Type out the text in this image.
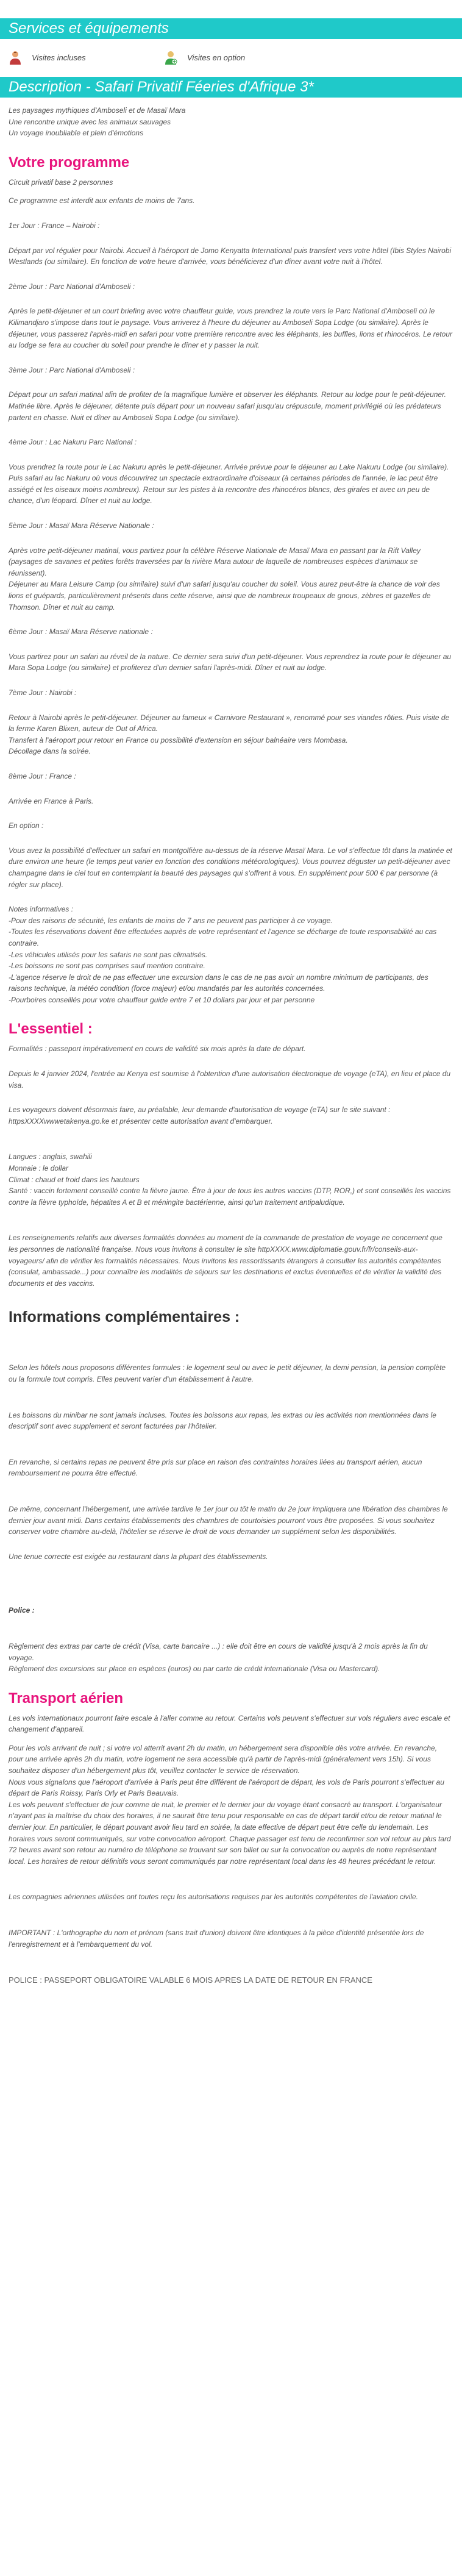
Services et équipements
Visites incluses	Visites en option
Description - Safari Privatif Féeries d'Afrique 3*

Les paysages mythiques d'Amboseli et de Masaï Mara

Une rencontre unique avec les animaux sauvages

Un voyage inoubliable et plein d'émotions

Votre programme

Circuit privatif base 2 personnes

Ce programme est interdit aux enfants de moins de 7ans.

1er Jour : France – Nairobi :

Départ par vol régulier pour Nairobi. Accueil à l'aéroport de Jomo Kenyatta International puis transfert vers votre hôtel (Ibis Styles Nairobi Westlands (ou similaire). En fonction de votre heure d'arrivée, vous bénéficierez d'un dîner avant votre nuit à l'hôtel.

2ème Jour : Parc National d'Amboseli :

Après le petit-déjeuner et un court briefing avec votre chauffeur guide, vous prendrez la route vers le Parc National d'Amboseli où le Kilimandjaro s'impose dans tout le paysage. Vous arriverez à l'heure du déjeuner au Amboseli Sopa Lodge (ou similaire). Après le déjeuner, vous passerez l'après-midi en safari pour votre première rencontre avec les éléphants, les buffles, lions et rhinocéros. Le retour au lodge se fera au coucher du soleil pour prendre le dîner et y passer la nuit.

3ème Jour : Parc National d'Amboseli :

Départ pour un safari matinal afin de profiter de la magnifique lumière et observer les éléphants. Retour au lodge pour le petit-déjeuner. Matinée libre. Après le déjeuner, détente puis départ pour un nouveau safari jusqu'au crépuscule, moment privilégié où les prédateurs partent en chasse. Nuit et dîner au Amboseli Sopa Lodge (ou similaire).

4ème Jour : Lac Nakuru Parc National :

Vous prendrez la route pour le Lac Nakuru après le petit-déjeuner. Arrivée prévue pour le déjeuner au Lake Nakuru Lodge (ou similaire). Puis safari au lac Nakuru où vous découvrirez un spectacle extraordinaire d'oiseaux (à certaines périodes de l'année, le lac peut être assiégé et les oiseaux moins nombreux). Retour sur les pistes à la rencontre des rhinocéros blancs, des girafes et avec un peu de chance, d'un léopard. Dîner et nuit au lodge.

5ème Jour : Masaï Mara Réserve Nationale :

Après votre petit-déjeuner matinal, vous partirez pour la célèbre Réserve Nationale de Masaï Mara en passant par la Rift Valley (paysages de savanes et petites forêts traversées par la rivière Mara autour de laquelle de nombreuses espèces d'animaux se réunissent).
Déjeuner au Mara Leisure Camp (ou similaire) suivi d'un safari jusqu'au coucher du soleil. Vous aurez peut-être la chance de voir des lions et guépards, particulièrement présents dans cette réserve, ainsi que de nombreux troupeaux de gnous, zèbres et gazelles de Thomson. Dîner et nuit au camp.

6ème Jour : Masaï Mara Réserve nationale :

Vous partirez pour un safari au réveil de la nature. Ce dernier sera suivi d'un petit-déjeuner. Vous reprendrez la route pour le déjeuner au Mara Sopa Lodge (ou similaire) et profiterez d'un dernier safari l'après-midi. Dîner et nuit au lodge.

7ème Jour : Nairobi :

Retour à Nairobi après le petit-déjeuner. Déjeuner au fameux « Carnivore Restaurant », renommé pour ses viandes rôties. Puis visite de la ferme Karen Blixen, auteur de Out of Africa.
Transfert à l'aéroport pour retour en France ou possibilité d'extension en séjour balnéaire vers Mombasa.
Décollage dans la soirée.

8ème Jour : France :

Arrivée en France à Paris.

En option :

Vous avez la possibilité d'effectuer un safari en montgolfière au-dessus de la réserve Masaï Mara. Le vol s'effectue tôt dans la matinée et dure environ une heure (le temps peut varier en fonction des conditions météorologiques). Vous pourrez déguster un petit-déjeuner avec champagne dans le ciel tout en contemplant la beauté des paysages qui s'offrent à vous. En supplément pour 500 € par personne (à régler sur place).

Notes informatives :

-Pour des raisons de sécurité, les enfants de moins de 7 ans ne peuvent pas participer à ce voyage.

-Toutes les réservations doivent être effectuées auprès de votre représentant et l'agence se décharge de toute responsabilité au cas contraire.

-Les véhicules utilisés pour les safaris ne sont pas climatisés.

-Les boissons ne sont pas comprises sauf mention contraire.

-L'agence réserve le droit de ne pas effectuer une excursion dans le cas de ne pas avoir un nombre minimum de participants, des raisons technique, la météo condition (force majeur) et/ou mandatés par les autorités concernées.

-Pourboires conseillés pour votre chauffeur guide entre 7 et 10 dollars par jour et par personne

L'essentiel :

Formalités : passeport impérativement en cours de validité six mois après la date de départ.

Depuis le 4 janvier 2024, l'entrée au Kenya est soumise à l'obtention d'une autorisation électronique de voyage (eTA), en lieu et place du visa.

Les voyageurs doivent désormais faire, au préalable, leur demande d'autorisation de voyage (eTA) sur le site suivant : httpsXXXXwwwetakenya.go.ke et présenter cette autorisation avant d'embarquer.

Langues : anglais, swahili

Monnaie : le dollar

Climat : chaud et froid dans les hauteurs

Santé : vaccin fortement conseillé contre la fièvre jaune. Être à jour de tous les autres vaccins (DTP, ROR,) et sont conseillés les vaccins contre la fièvre typhoïde, hépatites A et B et méningite bactérienne, ainsi qu'un traitement antipaludique.

Les renseignements relatifs aux diverses formalités données au moment de la commande de prestation de voyage ne concernent que les personnes de nationalité française. Nous vous invitons à consulter le site httpXXXX.www.diplomatie.gouv.fr/fr/conseils-aux-voyageurs/ afin de vérifier les formalités nécessaires. Nous invitons les ressortissants étrangers à consulter les autorités compétentes (consulat, ambassade...) pour connaître les modalités de séjours sur les destinations et exclus éventuelles et de vérifier la validité des documents et des vaccins.

Informations complémentaires :

Selon les hôtels nous proposons différentes formules : le logement seul ou avec le petit déjeuner, la demi pension, la pension complète ou la formule tout compris. Elles peuvent varier d'un établissement à l'autre.

Les boissons du minibar ne sont jamais incluses. Toutes les boissons aux repas, les extras ou les activités non mentionnées dans le descriptif sont avec supplement et seront facturées par l'hôtelier.

En revanche, si certains repas ne peuvent être pris sur place en raison des contraintes horaires liées au transport aérien, aucun remboursement ne pourra être effectué.

De même, concernant l'hébergement, une arrivée tardive le 1er jour ou tôt le matin du 2e jour impliquera une libération des chambres le dernier jour avant midi. Dans certains établissements des chambres de courtoisies pourront vous être proposées. Si vous souhaitez conserver votre chambre au-delà, l'hôtelier se réserve le droit de vous demander un supplément selon les disponibilités.

Une tenue correcte est exigée au restaurant dans la plupart des établissements.

Police :

Règlement des extras par carte de crédit (Visa, carte bancaire ...) : elle doit être en cours de validité jusqu'à 2 mois après la fin du voyage.

Règlement des excursions sur place en espèces (euros) ou par carte de crédit internationale (Visa ou Mastercard).

Transport aérien

Les vols internationaux pourront faire escale à l'aller comme au retour. Certains vols peuvent s'effectuer sur vols réguliers avec escale et changement d'appareil.

Pour les vols arrivant de nuit ; si votre vol atterrit avant 2h du matin, un hébergement sera disponible dès votre arrivée. En revanche, pour une arrivée après 2h du matin, votre logement ne sera accessible qu'à partir de l'après-midi (généralement vers 15h). Si vous souhaitez disposer d'un hébergement plus tôt, veuillez contacter le service de réservation.

Nous vous signalons que l'aéroport d'arrivée à Paris peut être différent de l'aéroport de départ, les vols de Paris pourront s'effectuer au départ de Paris Roissy, Paris Orly et Paris Beauvais.

Les vols peuvent s'effectuer de jour comme de nuit, le premier et le dernier jour du voyage étant consacré au transport. L'organisateur n'ayant pas la maîtrise du choix des horaires, il ne saurait être tenu pour responsable en cas de départ tardif et/ou de retour matinal le dernier jour. En particulier, le départ pouvant avoir lieu tard en soirée, la date effective de départ peut être celle du lendemain. Les horaires vous seront communiqués, sur votre convocation aéroport. Chaque passager est tenu de reconfirmer son vol retour au plus tard 72 heures avant son retour au numéro de téléphone se trouvant sur son billet ou sur la convocation ou auprès de notre représentant local. Les horaires de retour définitifs vous seront communiqués par notre représentant local dans les 48 heures précédant le retour.

Les compagnies aériennes utilisées ont toutes reçu les autorisations requises par les autorités compétentes de l'aviation civile.

IMPORTANT : L'orthographe du nom et prénom (sans trait d'union) doivent être identiques à la pièce d'identité présentée lors de l'enregistrement et à l'embarquement du vol.

POLICE : PASSEPORT OBLIGATOIRE VALABLE 6 MOIS APRES LA DATE DE RETOUR EN FRANCE
